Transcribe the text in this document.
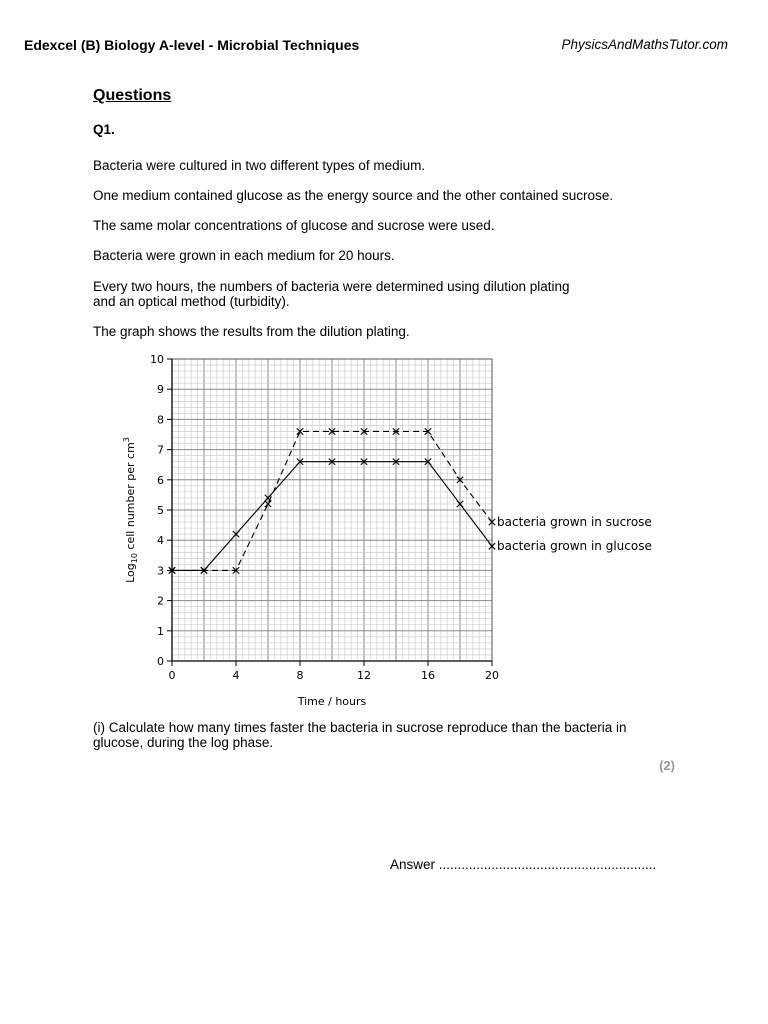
Edexcel (B) Biology A-level - Microbial Techniques	PhysicsAndMathsTutor.com
Questions
Q1.
Bacteria were cultured in two different types of medium.
One medium contained glucose as the energy source and the other contained sucrose.
The same molar concentrations of glucose and sucrose were used.
Bacteria were grown in each medium for 20 hours.
Every two hours, the numbers of bacteria were determined using dilution plating
and an optical method (turbidity).
The graph shows the results from the dilution plating.
0
1
2
3
4
5
6
7
8
9
10
0	4	8	12	16	20
Time / hours
Log$_{10}$ cell number per $cm^3$
bacteria grown in sucrose
bacteria grown in glucose
(i) Calculate how many times faster the bacteria in sucrose reproduce than the bacteria in
glucose, during the log phase.
(2)
Answer ..........................................................
